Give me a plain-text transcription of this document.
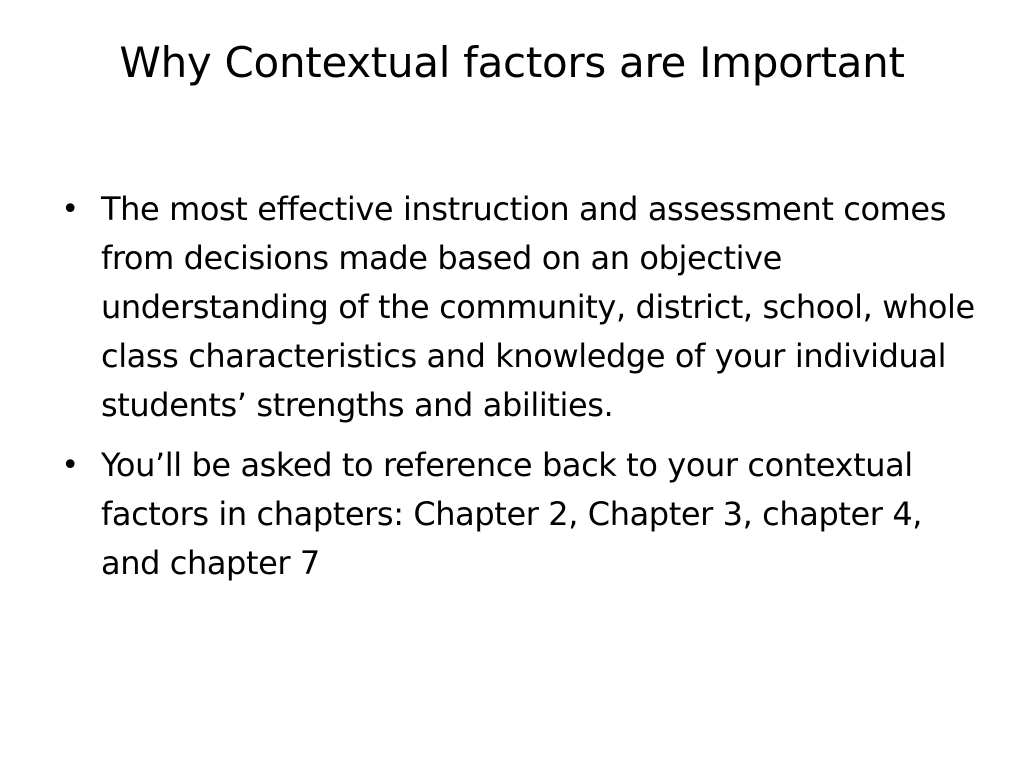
Why Contextual factors are Important
• The most effective instruction and assessment comes from decisions made based on an objective understanding of the community, district, school, whole class characteristics and knowledge of your individual students’ strengths and abilities.
• You’ll be asked to reference back to your contextual factors in chapters: Chapter 2, Chapter 3, chapter 4, and chapter 7
